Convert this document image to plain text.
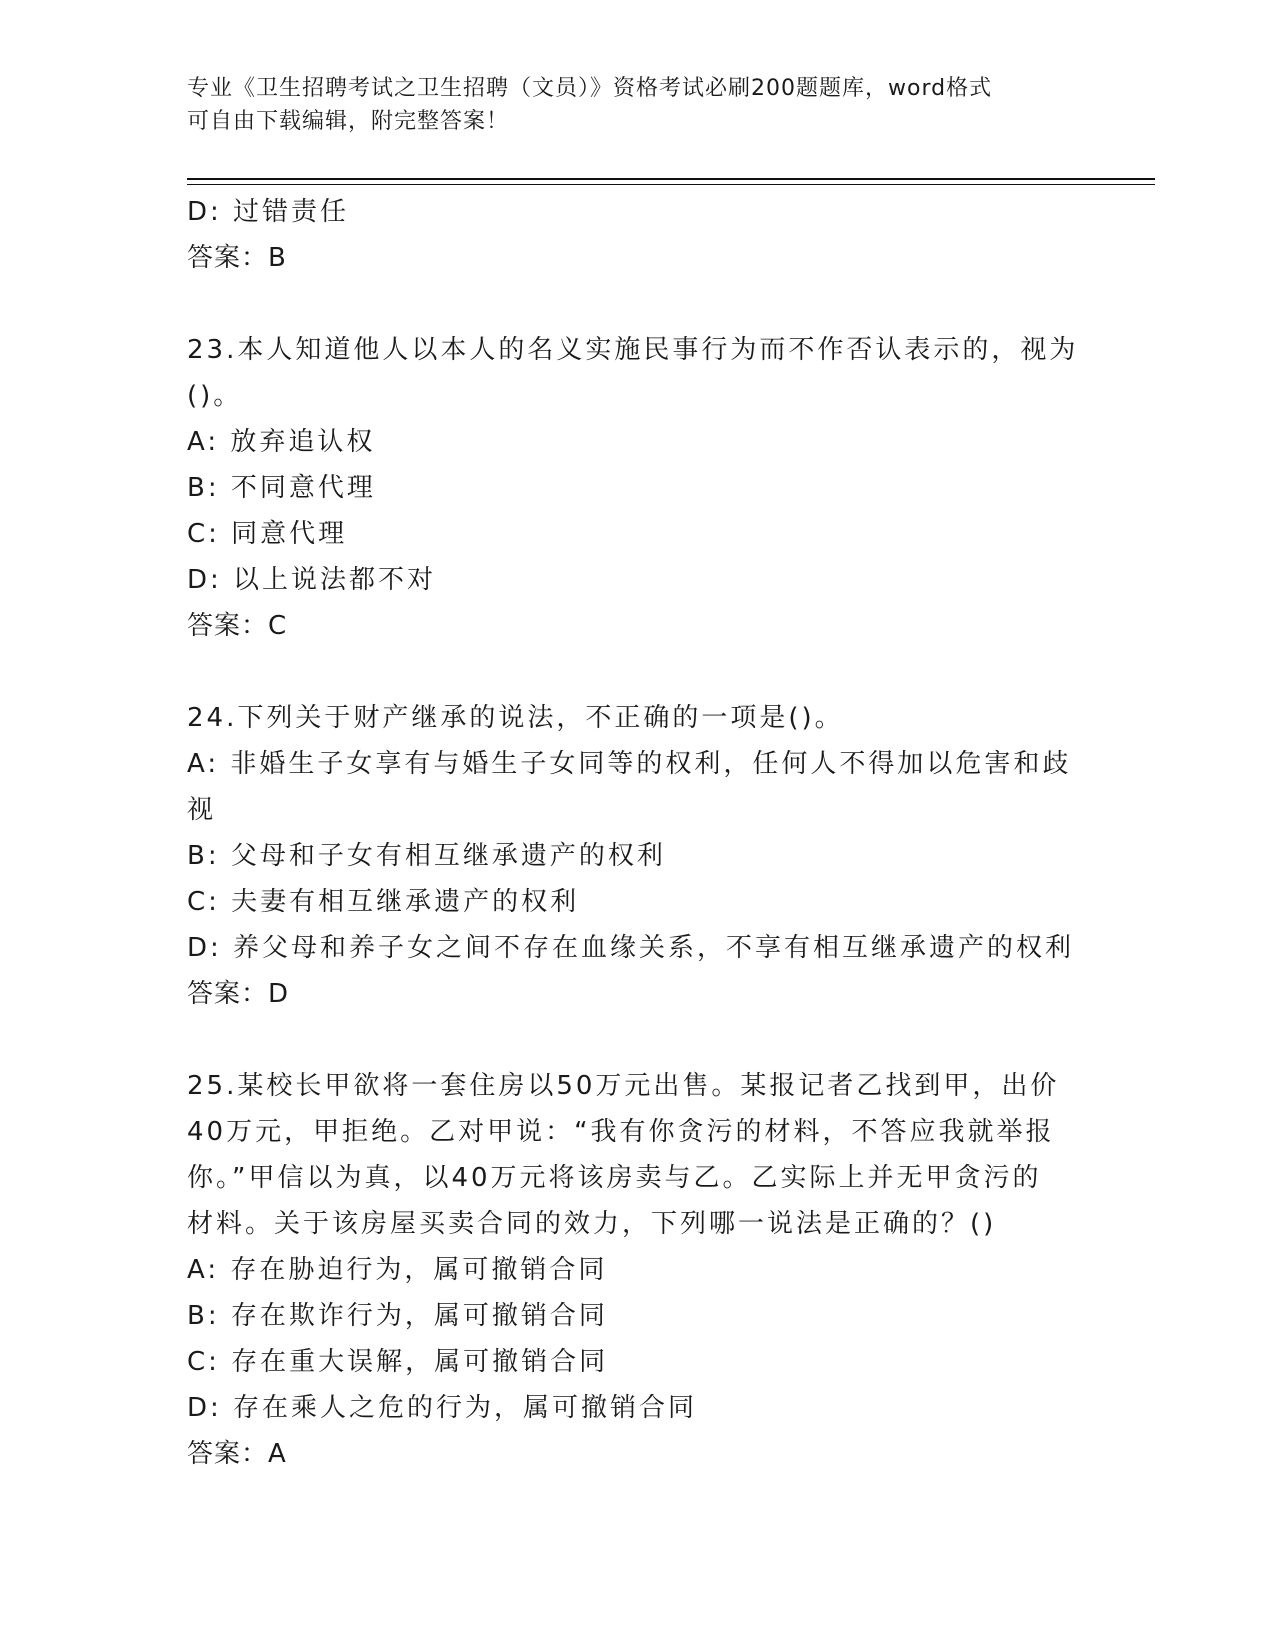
专业《卫生招聘考试之卫生招聘（文员）》资格考试必刷200题题库，word格式
可自由下载编辑，附完整答案！
D: 过错责任
答案：B
23.本人知道他人以本人的名义实施民事行为而不作否认表示的，视为
()。
A: 放弃追认权
B: 不同意代理
C: 同意代理
D: 以上说法都不对
答案：C
24.下列关于财产继承的说法，不正确的一项是()。
A: 非婚生子女享有与婚生子女同等的权利，任何人不得加以危害和歧
视
B: 父母和子女有相互继承遗产的权利
C: 夫妻有相互继承遗产的权利
D: 养父母和养子女之间不存在血缘关系，不享有相互继承遗产的权利
答案：D
25.某校长甲欲将一套住房以50万元出售。某报记者乙找到甲，出价
40万元，甲拒绝。乙对甲说：“我有你贪污的材料，不答应我就举报
你。”甲信以为真，以40万元将该房卖与乙。乙实际上并无甲贪污的
材料。关于该房屋买卖合同的效力，下列哪一说法是正确的？()
A: 存在胁迫行为，属可撤销合同
B: 存在欺诈行为，属可撤销合同
C: 存在重大误解，属可撤销合同
D: 存在乘人之危的行为，属可撤销合同
答案：A
